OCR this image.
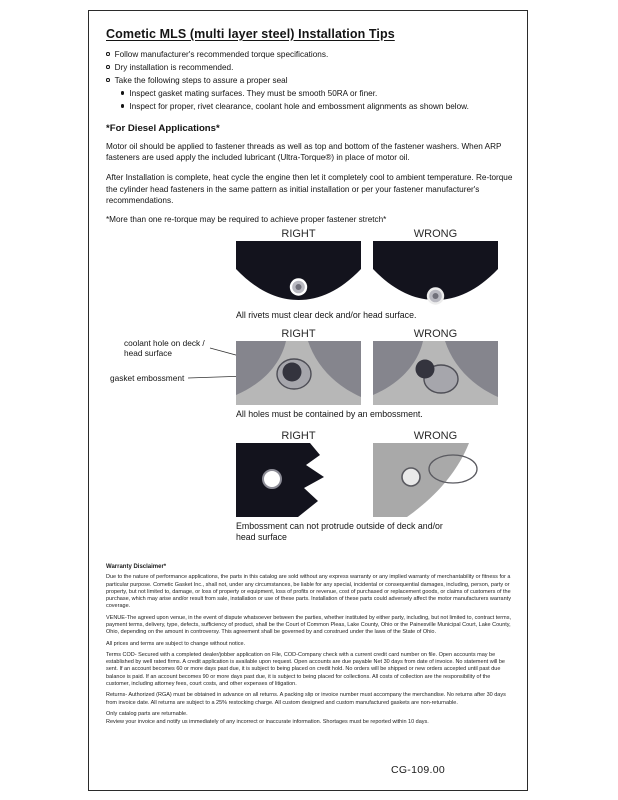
Cometic MLS (multi layer steel) Installation Tips
Follow manufacturer's recommended torque specifications.
Dry installation is recommended.
Take the following steps to assure a proper seal
Inspect gasket mating surfaces. They must be smooth 50RA or finer.
Inspect for proper, rivet clearance, coolant hole and embossment alignments as shown below.
*For Diesel Applications*

Motor oil should be applied to fastener threads as well as top and bottom of the fastener washers. When ARP fasteners are used apply the included lubricant (Ultra-Torque®) in place of motor oil.

After Installation is complete, heat cycle the engine then let it completely cool to ambient temperature. Re-torque the cylinder head fasteners in the same pattern as initial installation or per your fastener manufacturer's recommendations.

*More than one re-torque may be required to achieve proper fastener stretch*

RIGHT	WRONG
All rivets must clear deck and/or head surface.
RIGHT	WRONG
coolant hole on deck / head surface
gasket embossment
All holes must be contained by an embossment.
RIGHT	WRONG
Embossment can not protrude outside of deck and/or head surface
Warranty Disclaimer*

Due to the nature of performance applications, the parts in this catalog are sold without any express warranty or any implied warranty of merchantability or fitness for a particular purpose. Cometic Gasket Inc., shall not, under any circumstances, be liable for any special, incidental or consequential damages, including, person, party or property, but not limited to, damage, or loss of property or equipment, loss of profits or revenue, cost of purchased or replacement goods, or claims of customers of the purchase, which may arise and/or result from sale, installation or use of these parts. Installation of these parts could adversely affect the motor manufacturers warranty coverage.

VENUE-The agreed upon venue, in the event of dispute whatsoever between the parties, whether instituted by either party, including, but not limited to, contract terms, payment terms, delivery, type, defects, sufficiency of product, shall be the Court of Common Pleas, Lake County, Ohio or the Painesville Municipal Court, Lake County, Ohio, depending on the amount in controversy. This agreement shall be governed by and construed under the laws of the State of Ohio.

All prices and terms are subject to change without notice.

Terms COD- Secured with a completed dealer/jobber application on File, COD-Company check with a current credit card number on file. Open accounts may be established by well rated firms. A credit application is available upon request. Open accounts are due payable Net 30 days from date of invoice. No statement will be sent. If an account becomes 60 or more days past due, it is subject to being placed on credit hold. No orders will be shipped or new orders accepted until past due balance is paid. If an account becomes 90 or more days past due, it is subject to being placed for collections. All costs of collection are the responsibility of the customer, including attorney fees, court costs, and other expenses of litigation.

Returns- Authorized (RGA) must be obtained in advance on all returns. A packing slip or invoice number must accompany the merchandise. No returns after 30 days from invoice date. All returns are subject to a 25% restocking charge. All custom designed and custom manufactured gaskets are non-returnable.

Only catalog parts are returnable.

Review your invoice and notify us immediately of any incorrect or inaccurate information. Shortages must be reported within 10 days.

CG-109.00
